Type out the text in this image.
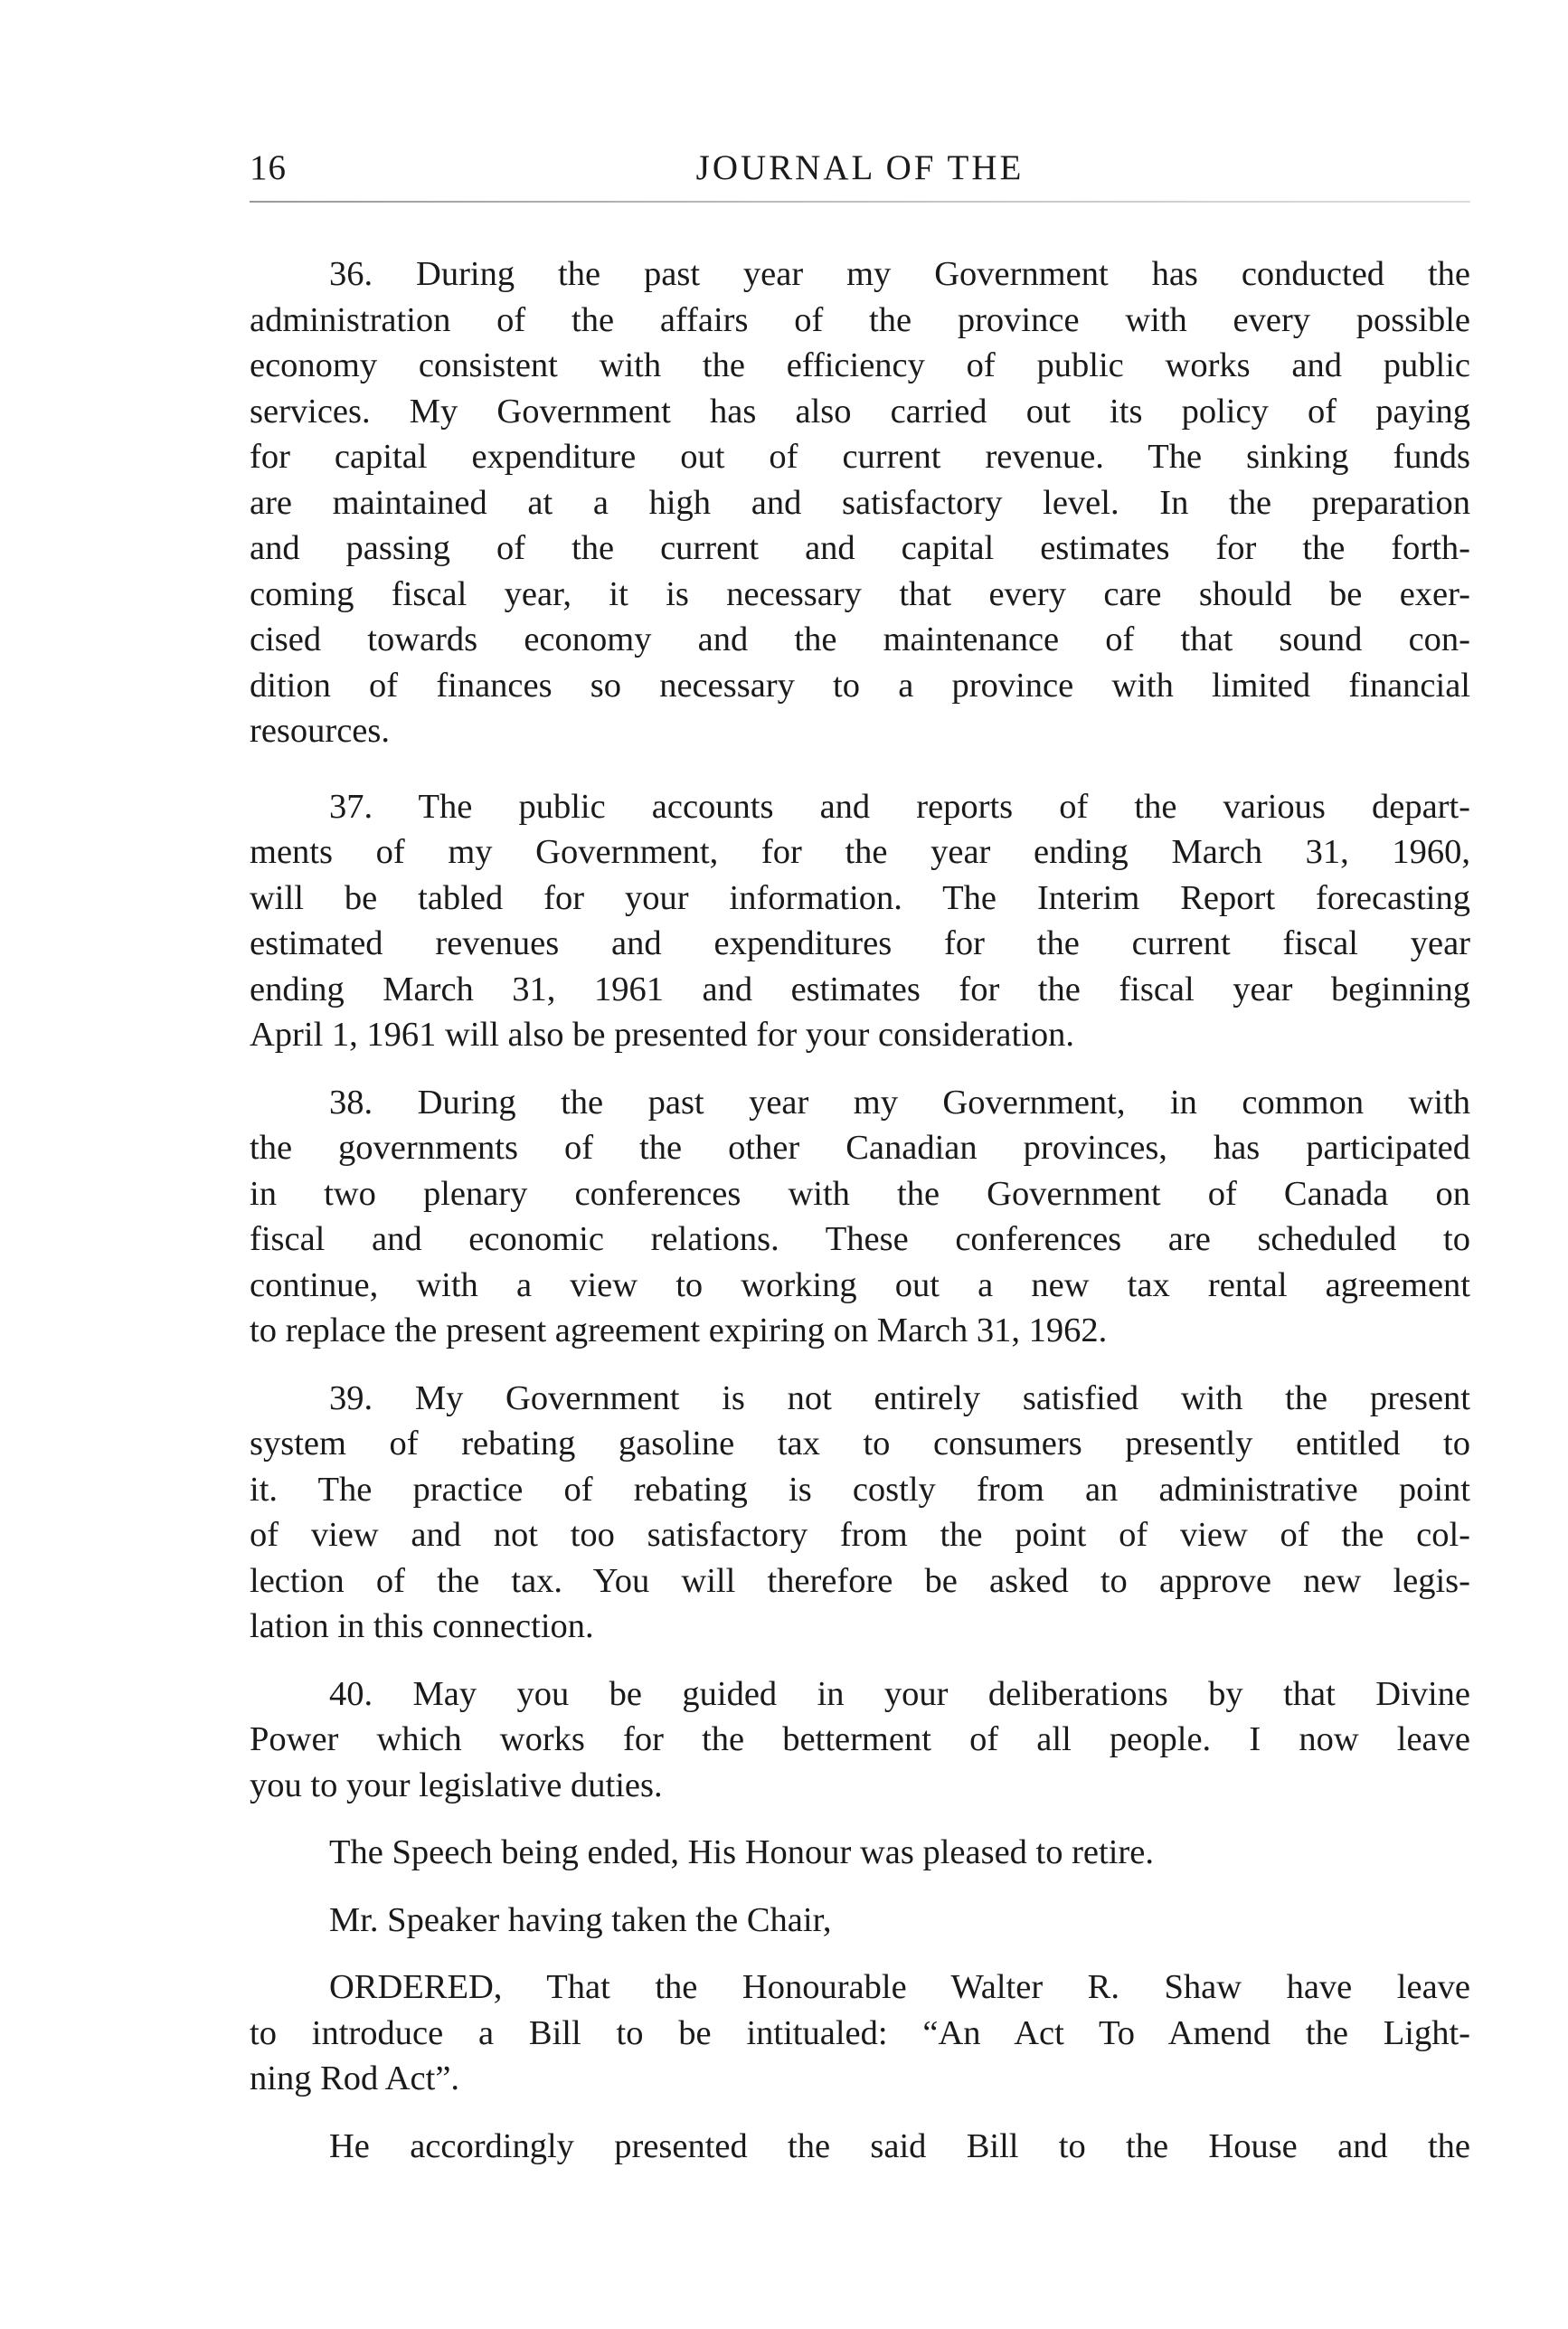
16	JOURNAL OF THE
36. During the past year my Government has conducted the
administration of the affairs of the province with every possible
economy consistent with the efficiency of public works and public
services. My Government has also carried out its policy of paying
for capital expenditure out of current revenue. The sinking funds
are maintained at a high and satisfactory level. In the preparation
and passing of the current and capital estimates for the forth-
coming fiscal year, it is necessary that every care should be exer-
cised towards economy and the maintenance of that sound con-
dition of finances so necessary to a province with limited financial
resources.
37. The public accounts and reports of the various depart-
ments of my Government, for the year ending March 31, 1960,
will be tabled for your information. The Interim Report forecasting
estimated revenues and expenditures for the current fiscal year
ending March 31, 1961 and estimates for the fiscal year beginning
April 1, 1961 will also be presented for your consideration.
38. During the past year my Government, in common with
the governments of the other Canadian provinces, has participated
in two plenary conferences with the Government of Canada on
fiscal and economic relations. These conferences are scheduled to
continue, with a view to working out a new tax rental agreement
to replace the present agreement expiring on March 31, 1962.
39. My Government is not entirely satisfied with the present
system of rebating gasoline tax to consumers presently entitled to
it. The practice of rebating is costly from an administrative point
of view and not too satisfactory from the point of view of the col-
lection of the tax. You will therefore be asked to approve new legis-
lation in this connection.
40. May you be guided in your deliberations by that Divine
Power which works for the betterment of all people. I now leave
you to your legislative duties.
The Speech being ended, His Honour was pleased to retire.
Mr. Speaker having taken the Chair,
ORDERED, That the Honourable Walter R. Shaw have leave
to introduce a Bill to be intitualed: “An Act To Amend the Light-
ning Rod Act”.
He accordingly presented the said Bill to the House and the
